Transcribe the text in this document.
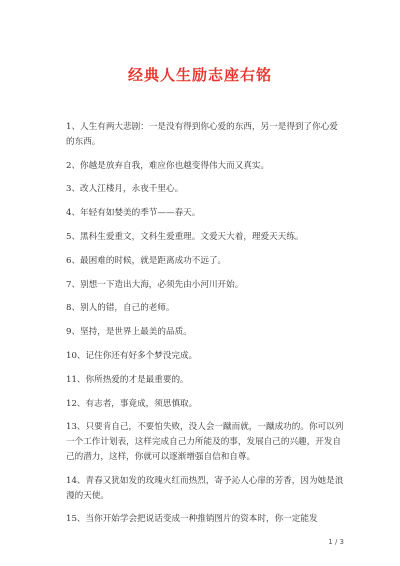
经典人生励志座右铭
1、人生有两大悲剧：一是没有得到你心爱的东西，另一是得到了你心爱的东西。
2、你越是放弃自我，难应你也越变得伟大而又真实。
3、改人江楼月，永夜千里心。
4、年轻有如婪美的季节——春天。
5、黑科生爱重文，文科生爱重理。文爱天大着，理爱天天练。
6、最困难的时候，就是距离成功不远了。
7、别想一下造出大海，必须先由小河川开始。
8、别人的错，自己的老师。
9、坚持，是世界上最美的品质。
10、记住你还有好多个梦没完成。
11、你所热爱的才是最重要的。
12、有志者，事竟成，须思慎取。
13、只要肯自己，不要怕失败，没人会一蹴而就，一蹴成功的。你可以列一个工作计划表，这样完成自己力所能及的事，发展自己的兴趣，开发自己的潜力，这样，你就可以逐渐增强自信和自尊。
14、青春又犹如发的玫瑰火红而热烈，寄予沁人心扉的芳香，因为她是浪漫的天使。
15、当你开始学会把说话变成一种推销图片的资本时，你一定能发
1 / 3
